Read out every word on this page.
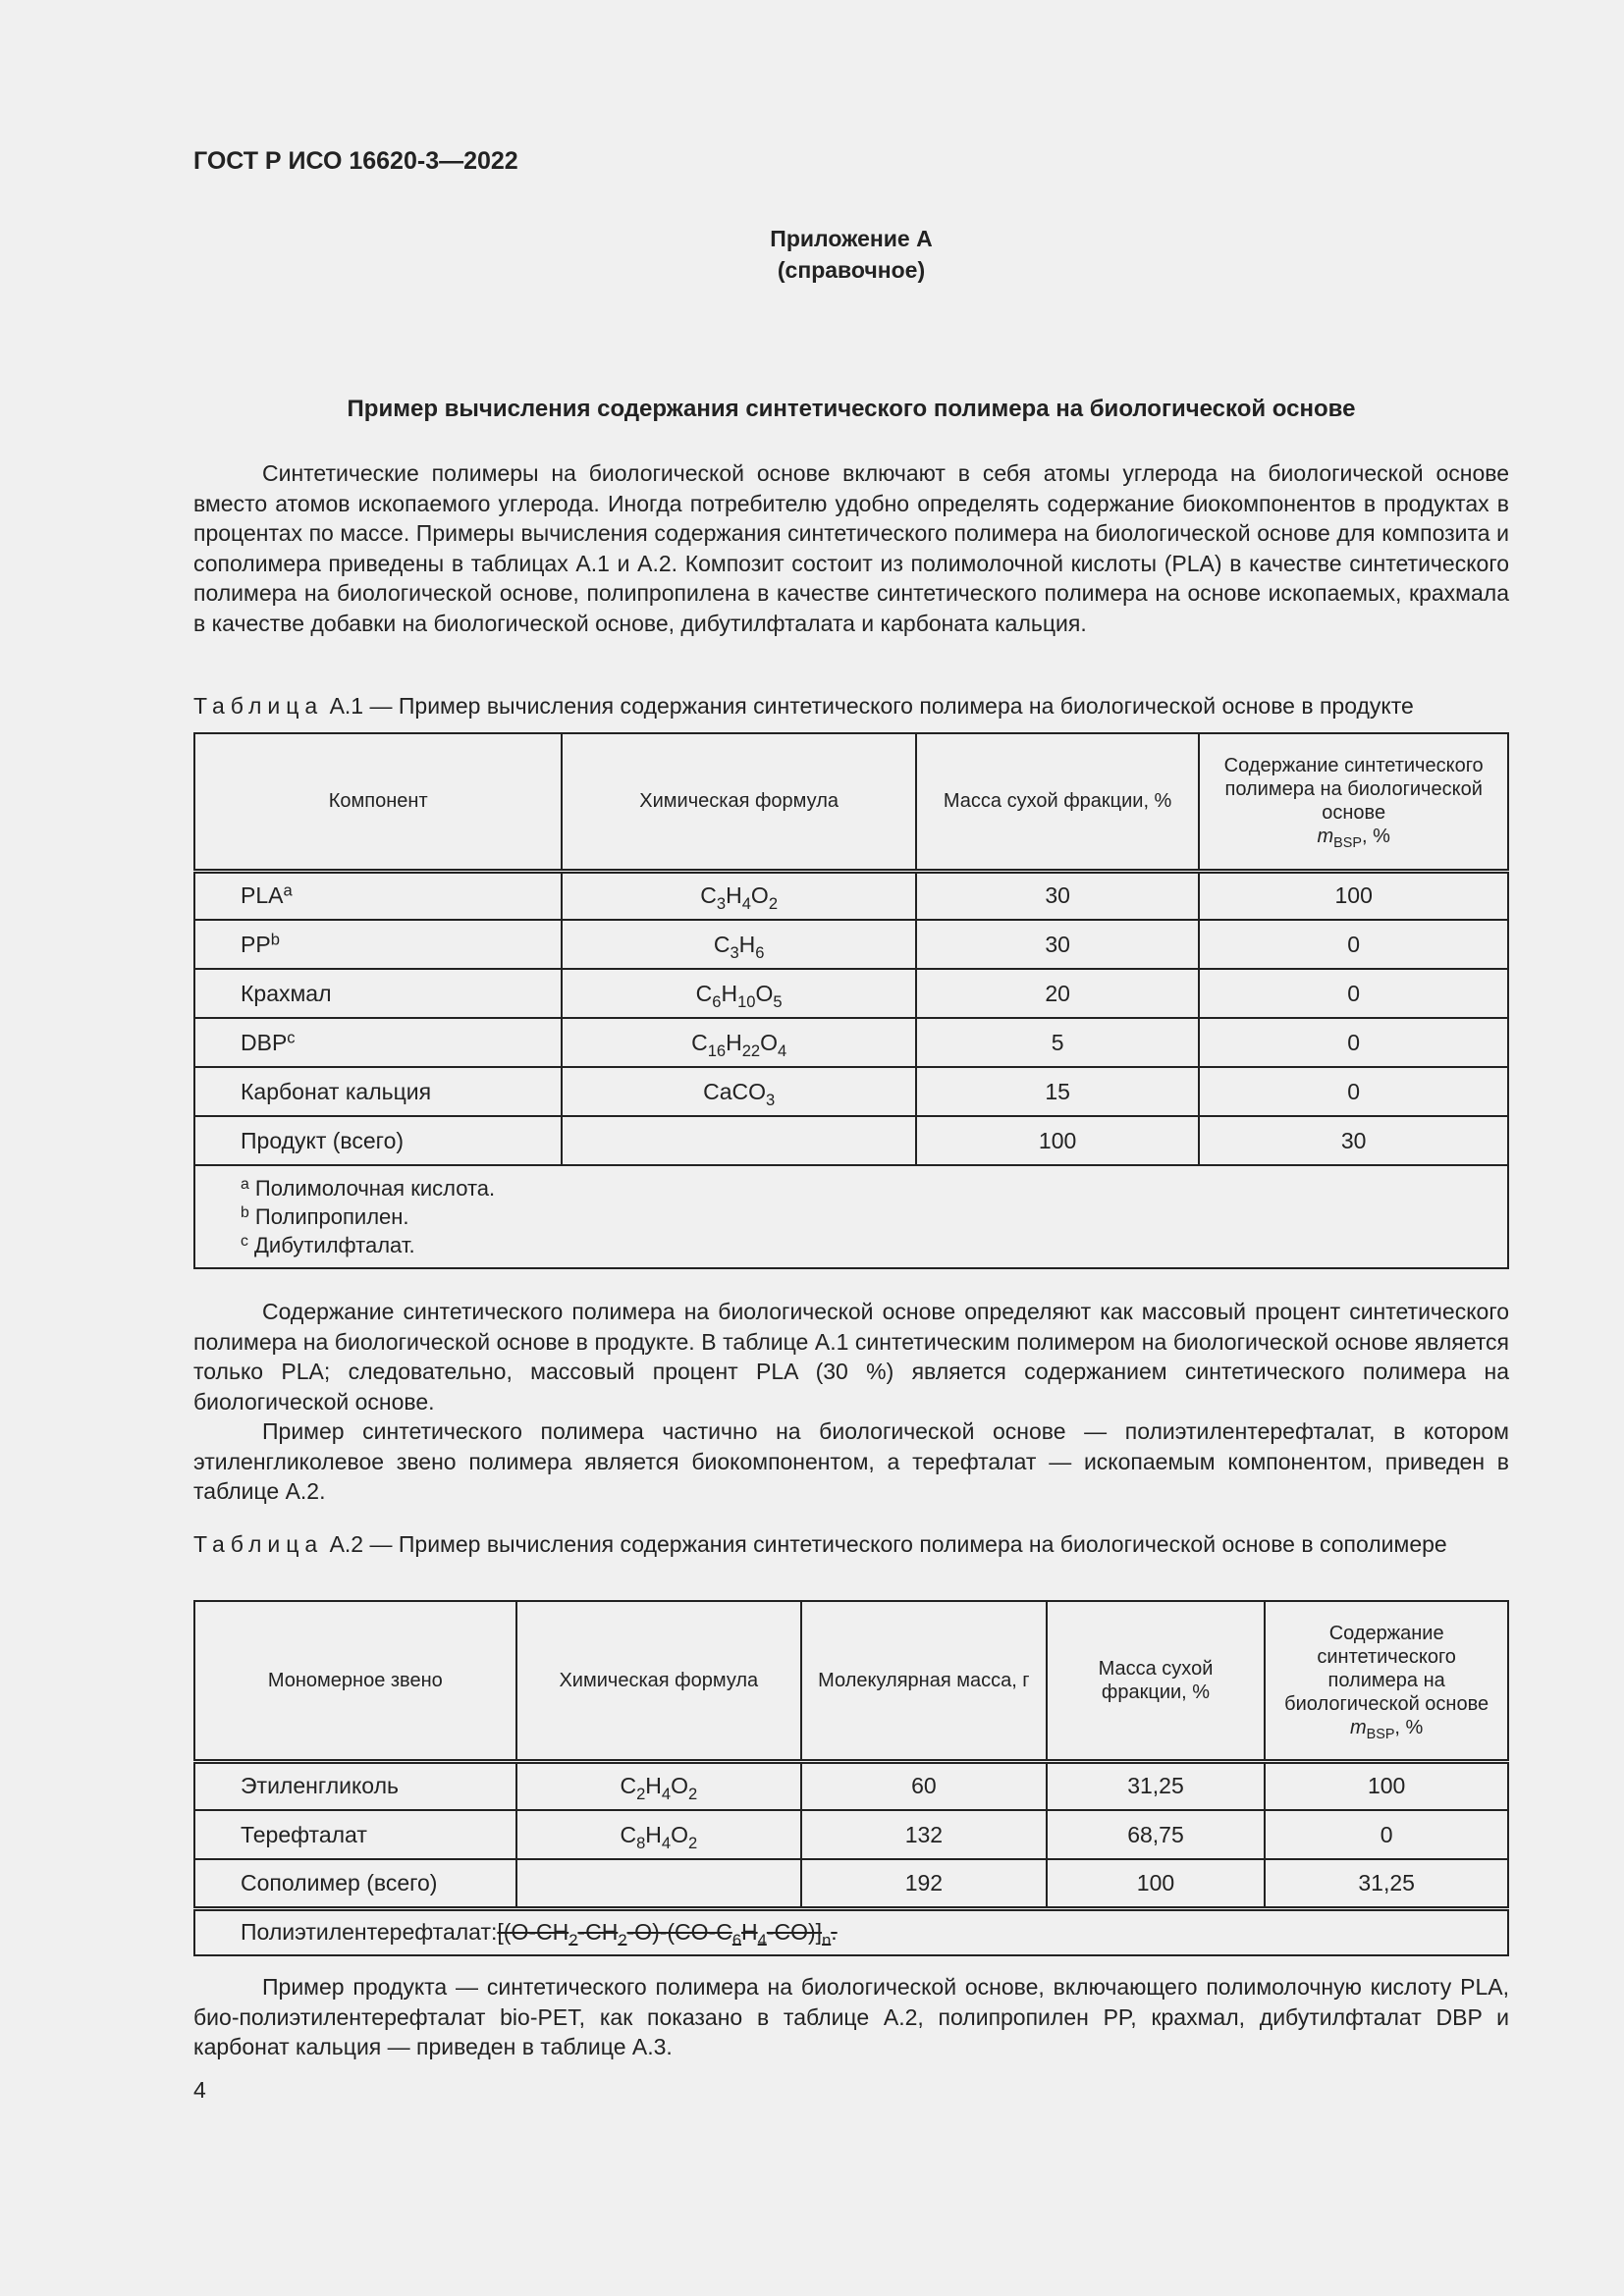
ГОСТ Р ИСО 16620-3—2022
Приложение А
(справочное)
Пример вычисления содержания синтетического полимера на биологической основе

Синтетические полимеры на биологической основе включают в себя атомы углерода на биологической основе вместо атомов ископаемого углерода. Иногда потребителю удобно определять содержание биокомпонентов в продуктах в процентах по массе. Примеры вычисления содержания синтетического полимера на биологической основе для композита и сополимера приведены в таблицах А.1 и А.2. Композит состоит из полимолочной кислоты (PLA) в качестве синтетического полимера на биологической основе, полипропилена в качестве синтетического полимера на основе ископаемых, крахмала в качестве добавки на биологической основе, дибутилфталата и карбоната кальция.

Таблица А.1 — Пример вычисления содержания синтетического полимера на биологической основе в продукте
Компонент	Химическая формула	Масса сухой фракции, %	Содержание синтетического полимера на биологической основе
$m_{BSP}$, %
PLA$^a$	$C_3H_4O_2$	30	100
$PP^b$	$C_3H_6$	30	0
Крахмал	$C_6H_{10}O_5$	20	0
DBP$^c$	$C_{16}H_{22}O_4$	5	0
Карбонат кальция	CaCO$_3$	15	0
Продукт (всего)		100	30

$^a$ Полимолочная кислота.
$^b$ Полипропилен.
$^c$ Дибутилфталат.			

Содержание синтетического полимера на биологической основе определяют как массовый процент синтетического полимера на биологической основе в продукте. В таблице А.1 синтетическим полимером на биологической основе является только PLA; следовательно, массовый процент PLA (30 %) является содержанием синтетического полимера на биологической основе.

Пример синтетического полимера частично на биологической основе — полиэтилентерефталат, в котором этиленгликолевое звено полимера является биокомпонентом, а терефталат — ископаемым компонентом, приведен в таблице А.2.

Таблица А.2 — Пример вычисления содержания синтетического полимера на биологической основе в сополимере
Мономерное звено	Химическая формула	Молекулярная масса, г	Масса сухой фракции, %	Содержание синтетического полимера на биологической основе $m_{BSP}$, %
Этиленгликоль	$C_2H_4O_2$	60	31,25	100
Терефталат	$C_8H_4O_2$	132	68,75	0
Сополимер (всего)		192	100	31,25
$Полиэтилентерефталат:[(O-CH_2-CH_2-O)-(CO-C_6H_4-CO)]_n$.				

Пример продукта — синтетического полимера на биологической основе, включающего полимолочную кислоту PLA, био-полиэтилентерефталат bio-PET, как показано в таблице А.2, полипропилен PP, крахмал, дибутилфталат DBP и карбонат кальция — приведен в таблице А.3.

4
